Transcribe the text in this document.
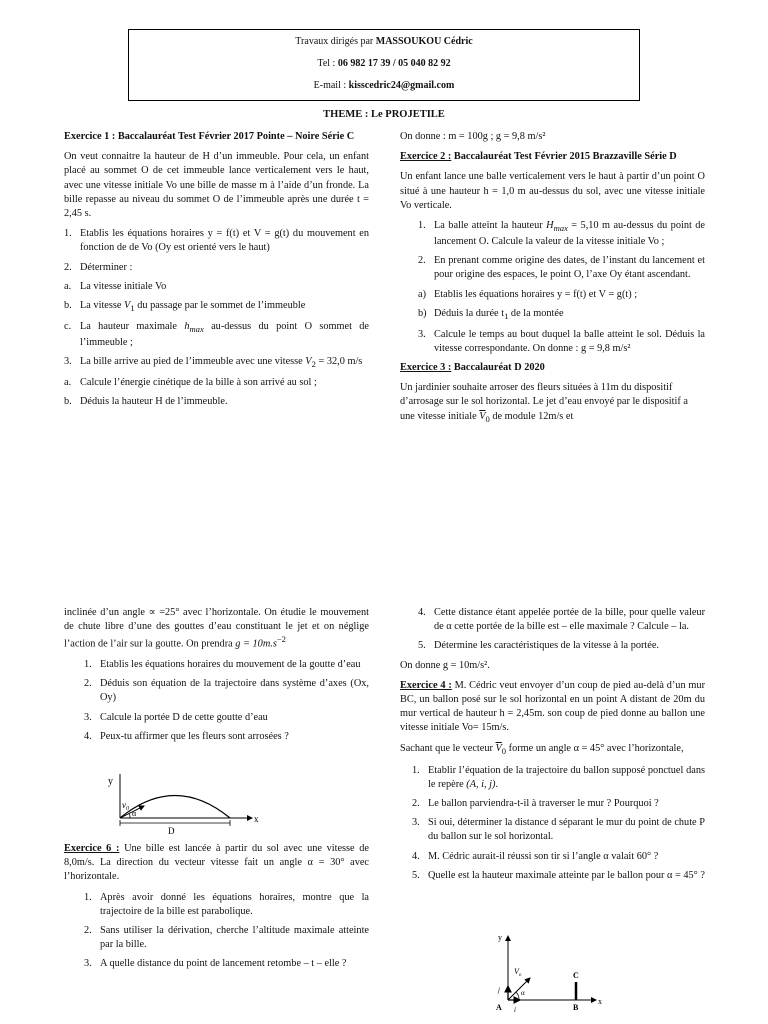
Travaux dirigés par MASSOUKOU Cédric
Tel : 06 982 17 39 / 05 040 82 92
E-mail : kisscedric24@gmail.com
THEME : Le PROJETILE

Exercice 1 : Baccalauréat Test Février 2017 Pointe – Noire Série C

On veut connaitre la hauteur de H d’un immeuble. Pour cela, un enfant placé au sommet O de cet immeuble lance verticalement vers le haut, avec une vitesse initiale Vo une bille de masse m à l’aide d’un fronde. La bille repasse au niveau du sommet O de l’immeuble après une durée t = 2,45 s.

1. Etablis les équations horaires y = f(t) et V = g(t) du mouvement en fonction de de Vo (Oy est orienté vers le haut)
2. Déterminer :
a. La vitesse initiale Vo
b. La vitesse $V_1$ du passage par le sommet de l’immeuble
c. La hauteur maximale $h_{max}$ au-dessus du point O sommet de l’immeuble ;
3. La bille arrive au pied de l’immeuble avec une vitesse $V_2 = 32,0$ m/s
a. Calcule l’énergie cinétique de la bille à son arrivé au sol ;
b. Déduis la hauteur H de l’immeuble.

On donne : m = 100g ; g = 9,8 m/s²

Exercice 2 : Baccalauréat Test Février 2015 Brazzaville Série D

Un enfant lance une balle verticalement vers le haut à partir d’un point O situé à une hauteur h = 1,0 m au-dessus du sol, avec une vitesse initiale Vo verticale.

1. La balle atteint la hauteur $H_{max} = 5,10$ m au-dessus du point de lancement O. Calcule la valeur de la vitesse initiale Vo ;
2. En prenant comme origine des dates, de l’instant du lancement et pour origine des espaces, le point O, l’axe Oy étant ascendant.
a) Etablis les équations horaires y = f(t) et V = g(t) ;
b) Déduis la durée $t_1$ de la montée
3. Calcule le temps au bout duquel la balle atteint le sol. Déduis la vitesse correspondante. On donne : g = 9,8 m/s²

Exercice 3 : Baccalauréat D 2020

Un jardinier souhaite arroser des fleurs situées à 11m du dispositif d’arrosage sur le sol horizontal. Le jet d’eau envoyé par le dispositif a une vitesse initiale $\overline{V}_0$ de module 12m/s et

inclinée d’un angle ∝ =25° avec l’horizontale. On étudie le mouvement de chute libre d’une des gouttes d’eau constituant le jet et on néglige l’action de l’air sur la goutte. On prendra $g = 10m.s^{-2}$

1. Etablis les équations horaires du mouvement de la goutte d’eau
2. Déduis son équation de la trajectoire dans système d’axes (Ox, Oy)
3. Calcule la portée D de cette goutte d’eau
4. Peux-tu affirmer que les fleurs sont arrosées ?
y
x
$v_0$ α
D

Exercice 6 : Une bille est lancée à partir du sol avec une vitesse de 8,0m/s. La direction du vecteur vitesse fait un angle α = 30° avec l’horizontale.

1. Après avoir donné les équations horaires, montre que la trajectoire de la bille est parabolique.
2. Sans utiliser la dérivation, cherche l’altitude maximale atteinte par la bille.
3. A quelle distance du point de lancement retombe – t – elle ?
4. Cette distance étant appelée portée de la bille, pour quelle valeur de α cette portée de la bille est – elle maximale ? Calcule – la.
5. Détermine les caractéristiques de la vitesse à la portée.

On donne g = 10m/s².

Exercice 4 : M. Cédric veut envoyer d’un coup de pied au-delà d’un mur BC, un ballon posé sur le sol horizontal en un point A distant de 20m du mur vertical de hauteur h = 2,45m. son coup de pied donne au ballon une vitesse initiale Vo= 15m/s.

Sachant que le vecteur $\overline{V}_0$ forme un angle α = 45° avec l’horizontale,

1. Etablir l’équation de la trajectoire du ballon supposé ponctuel dans le repère (A, i, j).
2. Le ballon parviendra-t-il à traverser le mur ? Pourquoi ?
3. Si oui, déterminer la distance d séparant le mur du point de chute P du ballon sur le sol horizontal.
4. M. Cédric aurait-il réussi son tir si l’angle α valait 60° ?
5. Quelle est la hauteur maximale atteinte par le ballon pour α = 45° ?
y
x
A	B
C
$V_o$
α
j
i
